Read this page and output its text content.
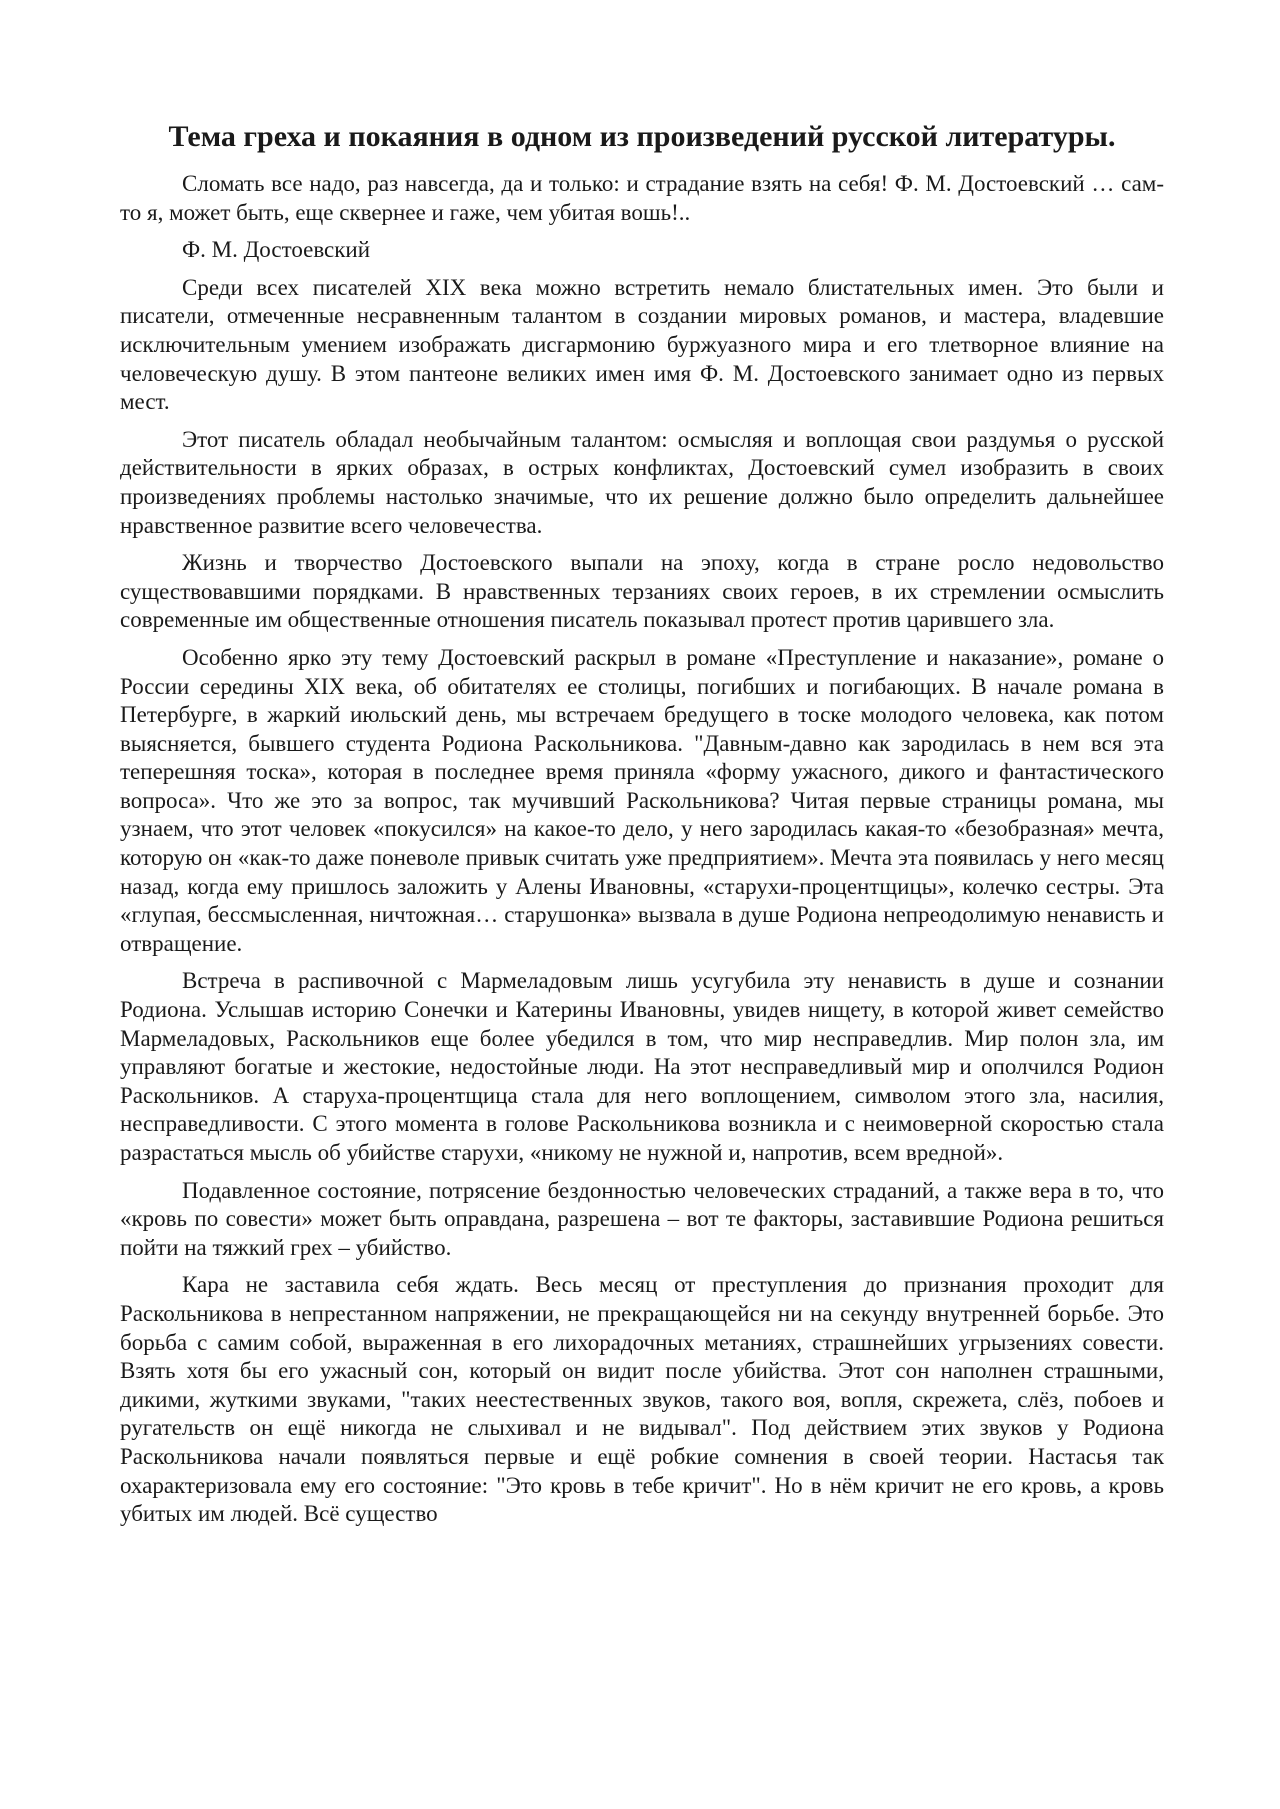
Тема греха и покаяния в одном из произведений русской литературы.

Сломать все надо, раз навсегда, да и только: и страдание взять на себя! Ф. М. Достоевский … сам-то я, может быть, еще сквернее и гаже, чем убитая вошь!..

Ф. М. Достоевский

Среди всех писателей XIX века можно встретить немало блистательных имен. Это были и писатели, отмеченные несравненным талантом в создании мировых романов, и мастера, владевшие исключительным умением изображать дисгармонию буржуазного мира и его тлетворное влияние на человеческую душу. В этом пантеоне великих имен имя Ф. М. Достоевского занимает одно из первых мест.

Этот писатель обладал необычайным талантом: осмысляя и воплощая свои раздумья о русской действительности в ярких образах, в острых конфликтах, Достоевский сумел изобразить в своих произведениях проблемы настолько значимые, что их решение должно было определить дальнейшее нравственное развитие всего человечества.

Жизнь и творчество Достоевского выпали на эпоху, когда в стране росло недовольство существовавшими порядками. В нравственных терзаниях своих героев, в их стремлении осмыслить современные им общественные отношения писатель показывал протест против царившего зла.

Особенно ярко эту тему Достоевский раскрыл в романе «Преступление и наказание», романе о России середины XIX века, об обитателях ее столицы, погибших и погибающих. В начале романа в Петербурге, в жаркий июльский день, мы встречаем бредущего в тоске молодого человека, как потом выясняется, бывшего студента Родиона Раскольникова. "Давным-давно как зародилась в нем вся эта теперешняя тоска», которая в последнее время приняла «форму ужасного, дикого и фантастического вопроса». Что же это за вопрос, так мучивший Раскольникова? Читая первые страницы романа, мы узнаем, что этот человек «покусился» на какое-то дело, у него зародилась какая-то «безобразная» мечта, которую он «как-то даже поневоле привык считать уже предприятием». Мечта эта появилась у него месяц назад, когда ему пришлось заложить у Алены Ивановны, «старухи-процентщицы», колечко сестры. Эта «глупая, бессмысленная, ничтожная… старушонка» вызвала в душе Родиона непреодолимую ненависть и отвращение.

Встреча в распивочной с Мармеладовым лишь усугубила эту ненависть в душе и сознании Родиона. Услышав историю Сонечки и Катерины Ивановны, увидев нищету, в которой живет семейство Мармеладовых, Раскольников еще более убедился в том, что мир несправедлив. Мир полон зла, им управляют богатые и жестокие, недостойные люди. На этот несправедливый мир и ополчился Родион Раскольников. А старуха-процентщица стала для него воплощением, символом этого зла, насилия, несправедливости. С этого момента в голове Раскольникова возникла и с неимоверной скоростью стала разрастаться мысль об убийстве старухи, «никому не нужной и, напротив, всем вредной».

Подавленное состояние, потрясение бездонностью человеческих страданий, а также вера в то, что «кровь по совести» может быть оправдана, разрешена – вот те факторы, заставившие Родиона решиться пойти на тяжкий грех – убийство.

Кара не заставила себя ждать. Весь месяц от преступления до признания проходит для Раскольникова в непрестанном напряжении, не прекращающейся ни на секунду внутренней борьбе. Это борьба с самим собой, выраженная в его лихорадочных метаниях, страшнейших угрызениях совести. Взять хотя бы его ужасный сон, который он видит после убийства. Этот сон наполнен страшными, дикими, жуткими звуками, "таких неестественных звуков, такого воя, вопля, скрежета, слёз, побоев и ругательств он ещё никогда не слыхивал и не видывал". Под действием этих звуков у Родиона Раскольникова начали появляться первые и ещё робкие сомнения в своей теории. Настасья так охарактеризовала ему его состояние: "Это кровь в тебе кричит". Но в нём кричит не его кровь, а кровь убитых им людей. Всё существо
